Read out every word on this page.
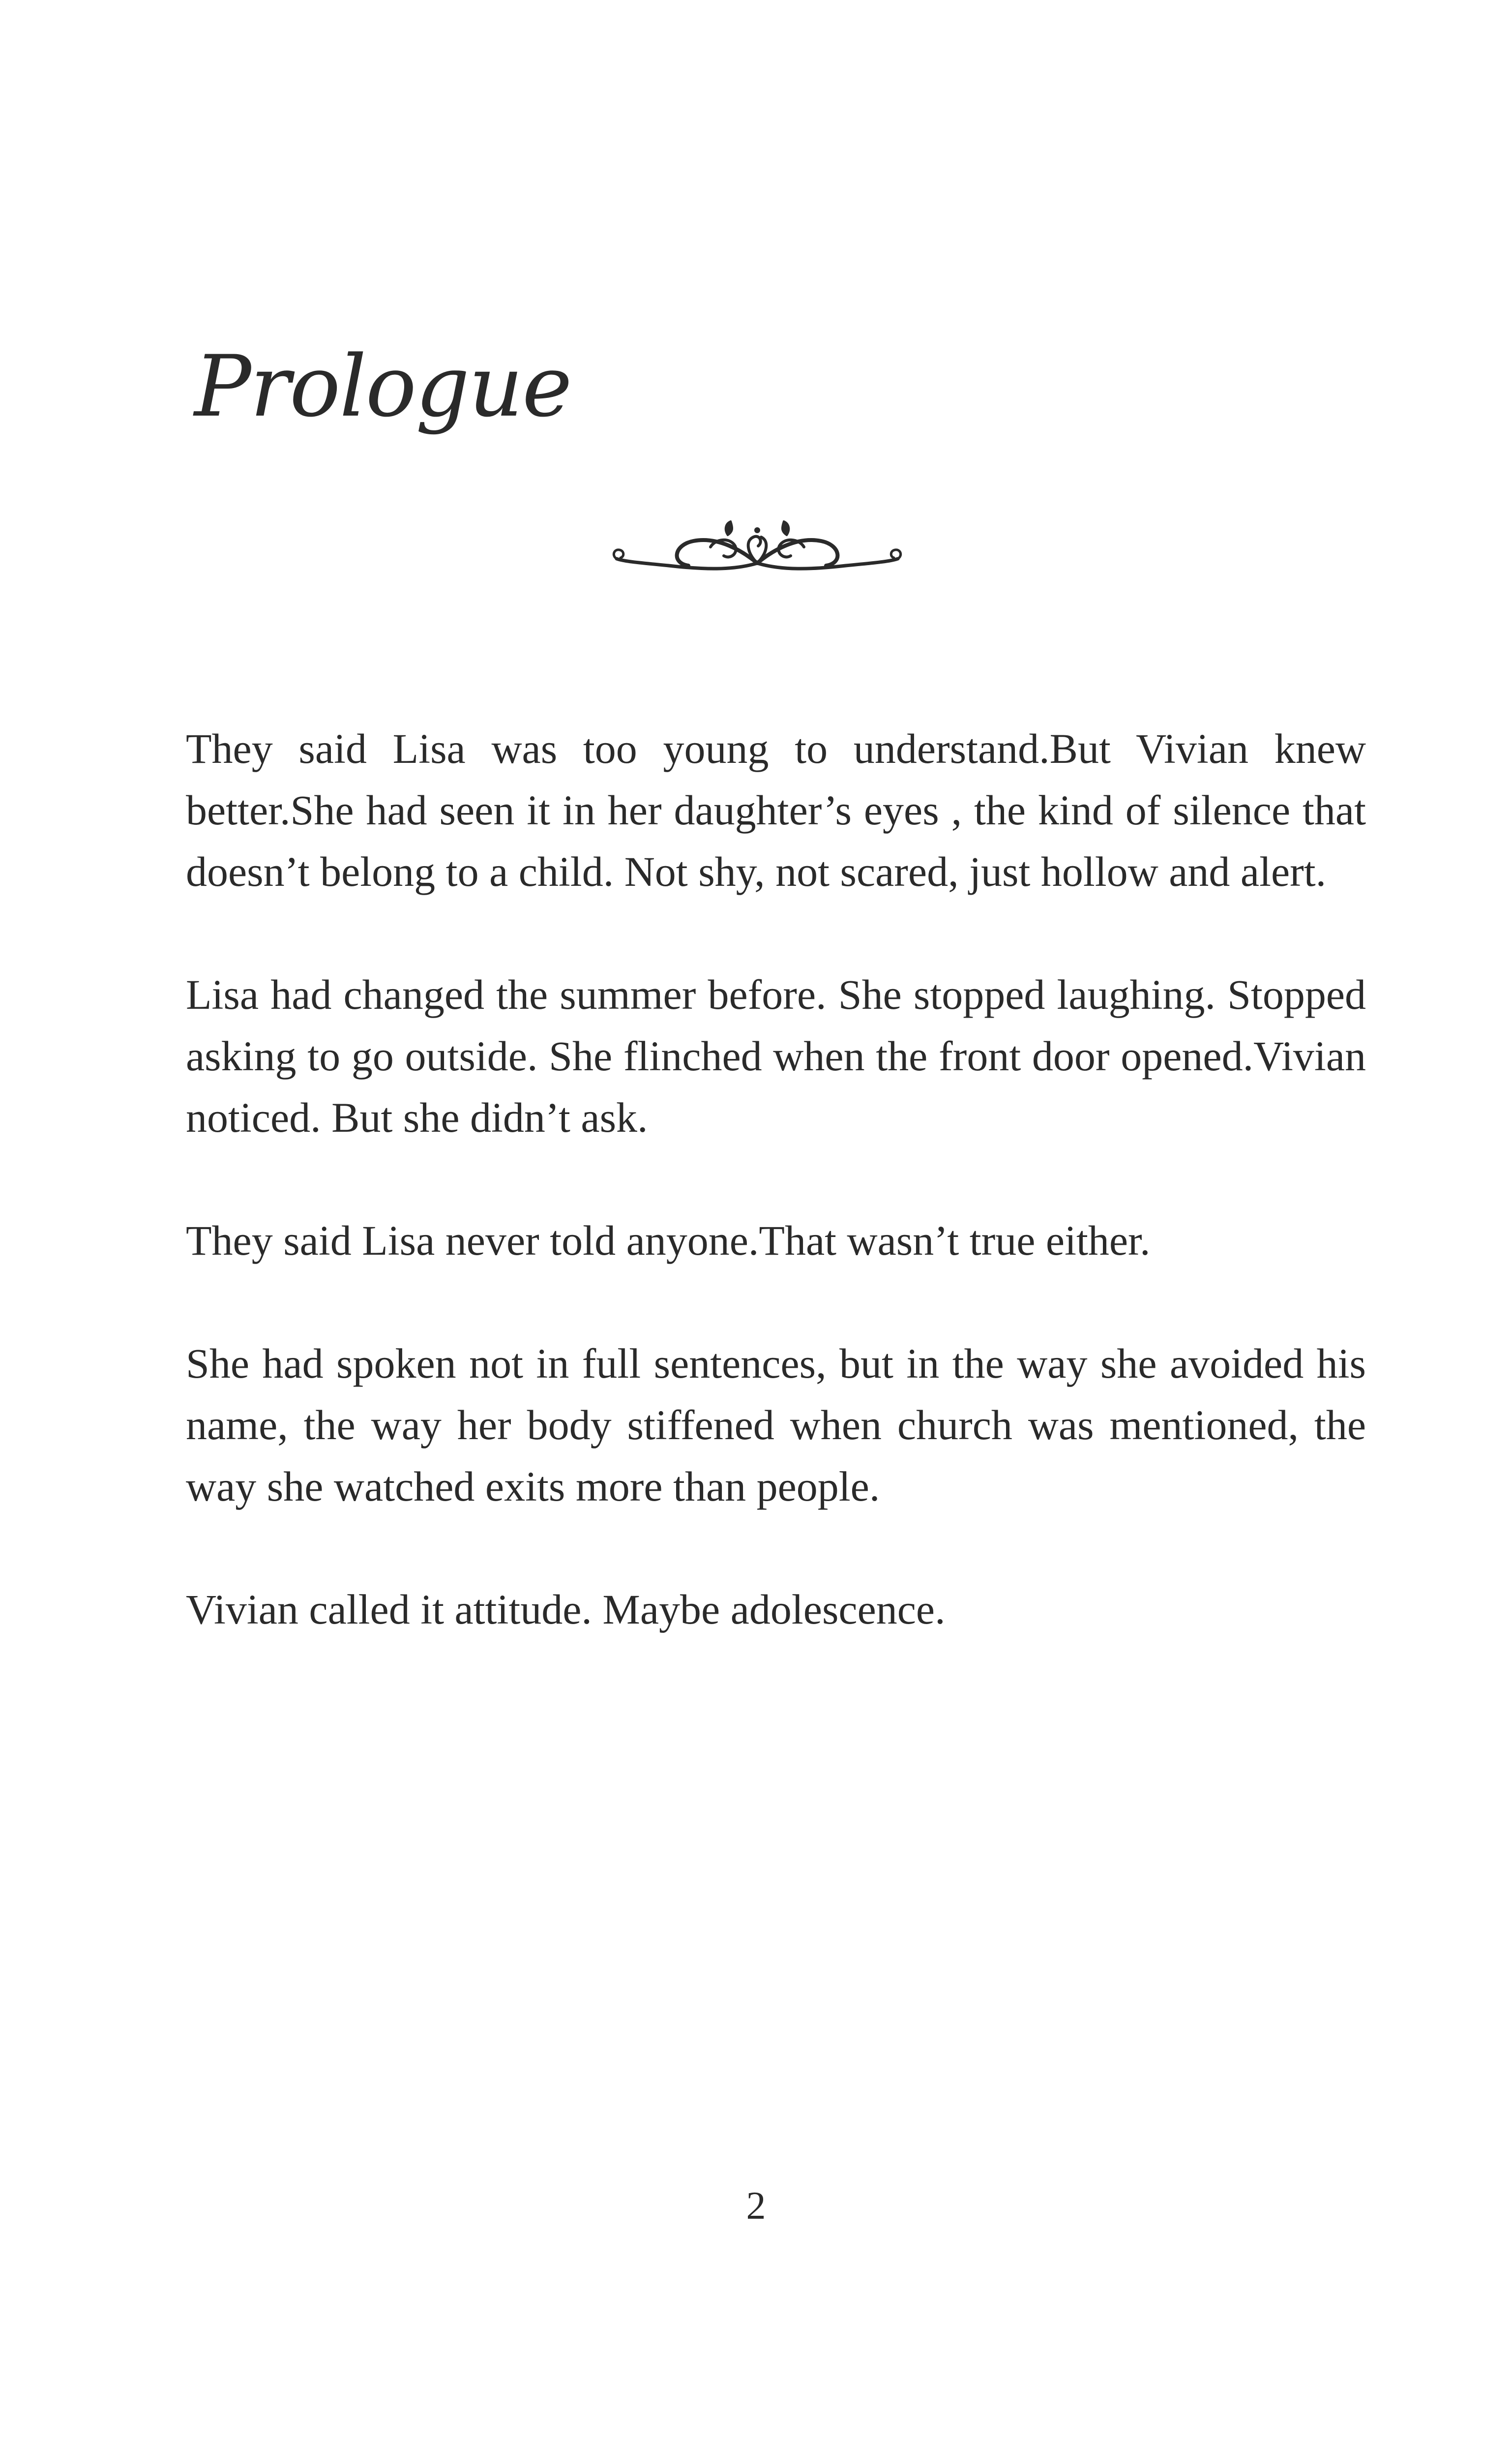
Prologue

They said Lisa was too young to understand.But Vivian knew better.She had seen it in her daughter’s eyes , the kind of silence that doesn’t belong to a child. Not shy, not scared, just hollow and alert.

Lisa had changed the summer before. She stopped laughing. Stopped asking to go outside. She flinched when the front door opened.Vivian noticed. But she didn’t ask.

They said Lisa never told anyone.That wasn’t true either.

She had spoken not in full sentences, but in the way she avoided his name, the way her body stiffened when church was mentioned, the way she watched exits more than people.

Vivian called it attitude. Maybe adolescence.

2
